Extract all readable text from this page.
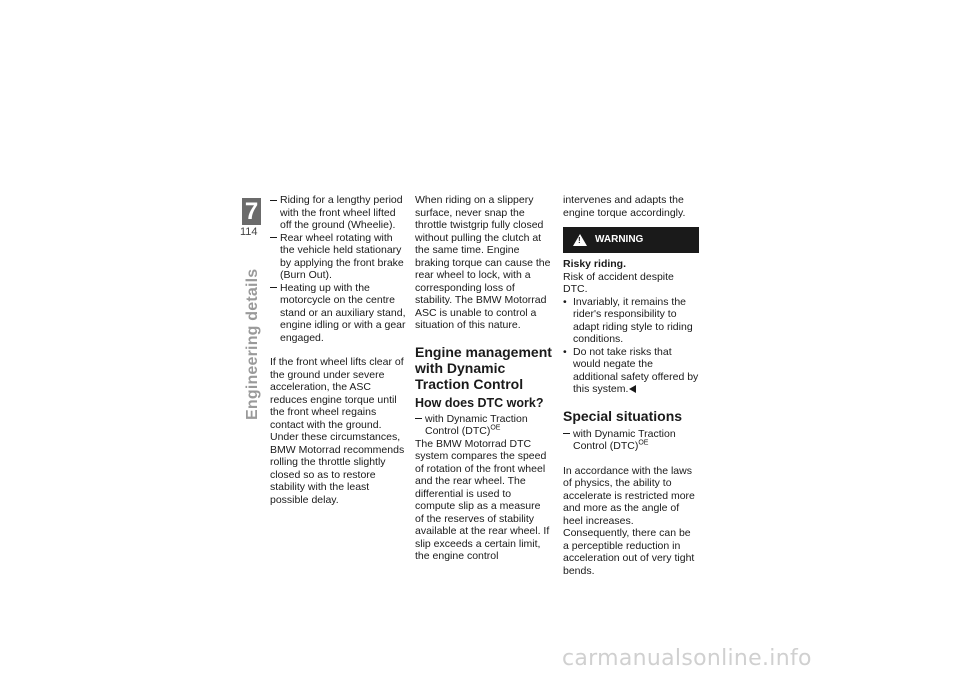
7
114
Engineering details
Riding for a lengthy period with the front wheel lifted off the ground (Wheelie).
Rear wheel rotating with the vehicle held stationary by applying the front brake (Burn Out).
Heating up with the motorcycle on the centre stand or an auxiliary stand, engine idling or with a gear engaged.

If the front wheel lifts clear of the ground under severe acceleration, the ASC reduces engine torque until the front wheel regains contact with the ground. Under these circumstances, BMW Motorrad recommends rolling the throttle slightly closed so as to restore stability with the least possible delay.

When riding on a slippery surface, never snap the throttle twistgrip fully closed without pulling the clutch at the same time. Engine braking torque can cause the rear wheel to lock, with a corresponding loss of stability. The BMW Motorrad ASC is unable to control a situation of this nature.

Engine management with Dynamic Traction Control
How does DTC work?
with Dynamic Traction Control (DTC)$^{OE}$

The BMW Motorrad DTC system compares the speed of rotation of the front wheel and the rear wheel. The differential is used to compute slip as a measure of the reserves of stability available at the rear wheel. If slip exceeds a certain limit, the engine control

intervenes and adapts the engine torque accordingly.

! WARNING

Risky riding.

Risk of accident despite DTC.

• Invariably, it remains the rider's responsibility to adapt riding style to riding conditions.
• Do not take risks that would negate the additional safety offered by this system.
Special situations
with Dynamic Traction Control (DTC)$^{OE}$

In accordance with the laws of physics, the ability to accelerate is restricted more and more as the angle of heel increases. Consequently, there can be a perceptible reduction in acceleration out of very tight bends.

carmanualsonline.info
